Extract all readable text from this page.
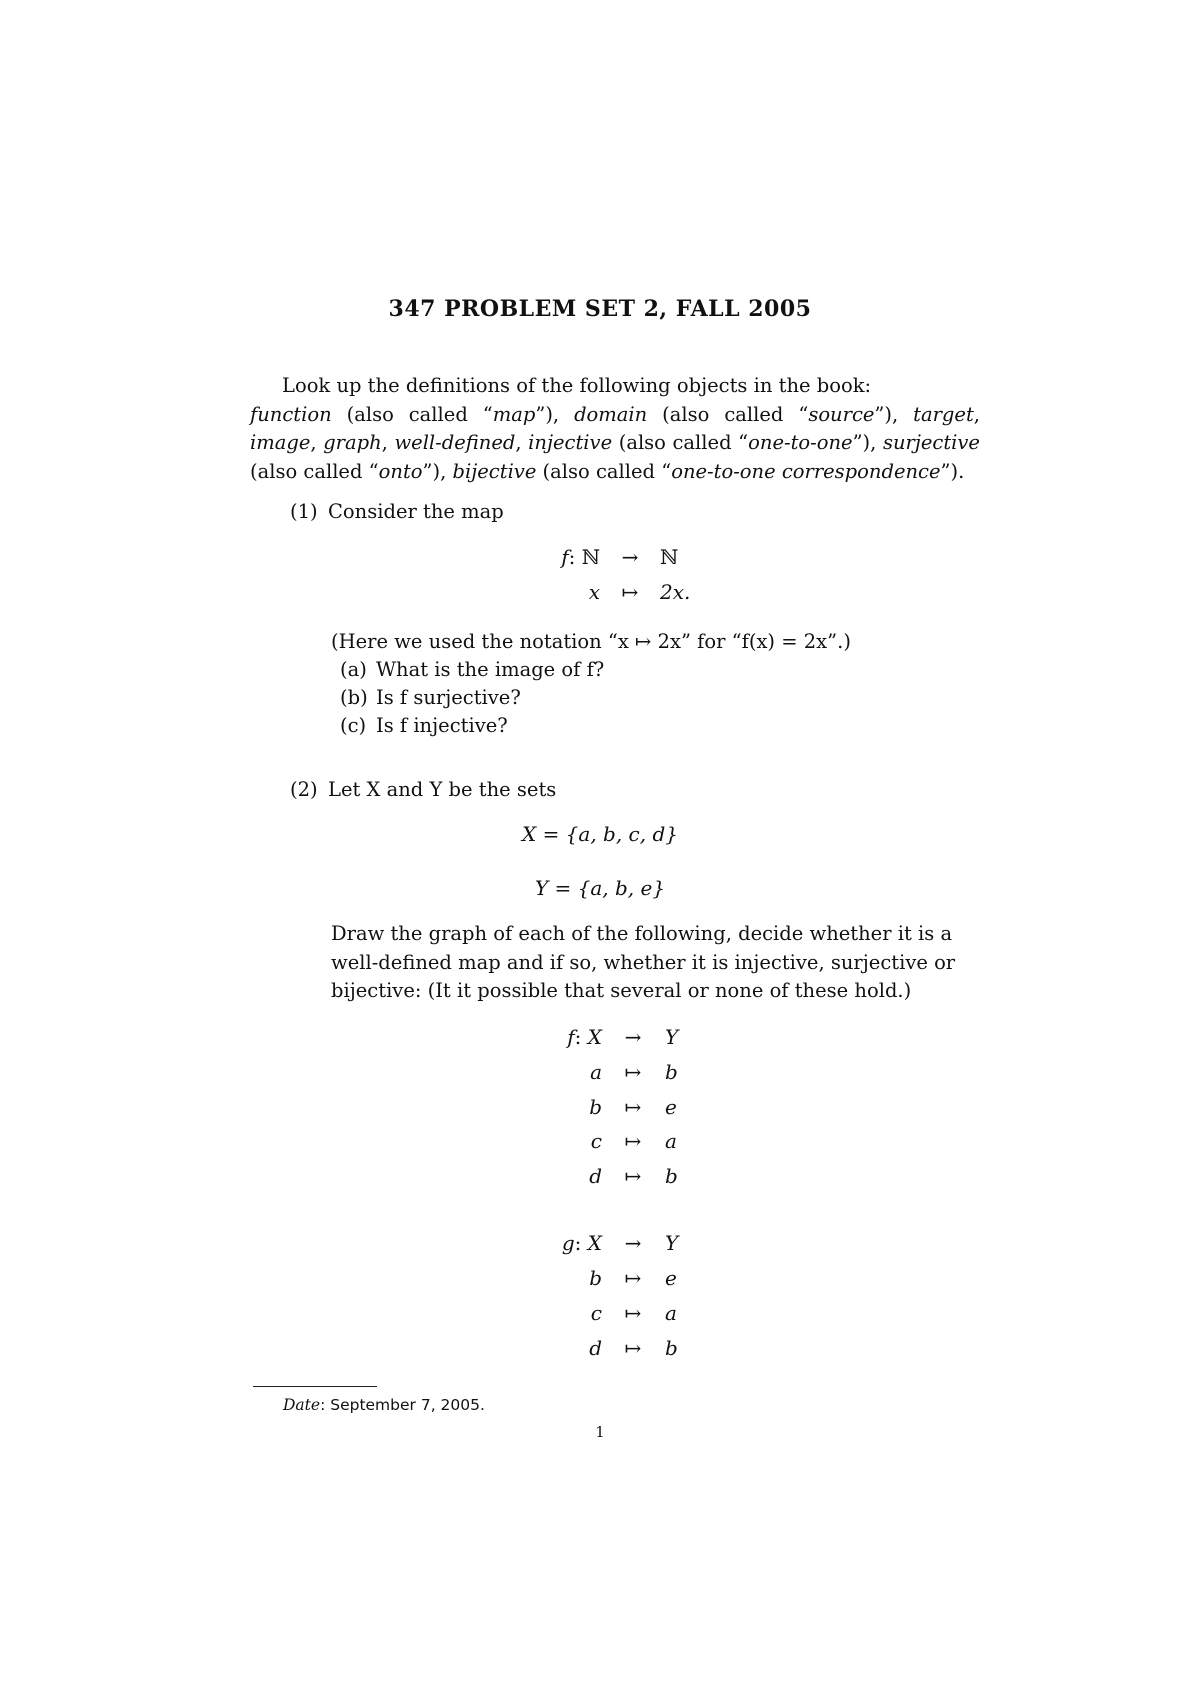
347 PROBLEM SET 2, FALL 2005
Look up the definitions of the following objects in the book:
function (also called “map”), domain (also called “source”), target, image, graph, well-defined, injective (also called “one-to-one”), surjective (also called “onto”), bijective (also called “one-to-one correspondence”).
(1) Consider the map
f: ℕ	→	ℕ
x	↦	2x.
(Here we used the notation “x ↦ 2x” for “f(x) = 2x”.)
(a) What is the image of f?
(b) Is f surjective?
(c) Is f injective?
(2) Let X and Y be the sets
X = {a, b, c, d}
Y = {a, b, e}
Draw the graph of each of the following, decide whether it is a
well-defined map and if so, whether it is injective, surjective or
bijective: (It it possible that several or none of these hold.)
f: X	→	Y
a	↦	b
b	↦	e
c	↦	a
d	↦	b
g: X	→	Y
b	↦	e
c	↦	a
d	↦	b
Date: September 7, 2005.
1
